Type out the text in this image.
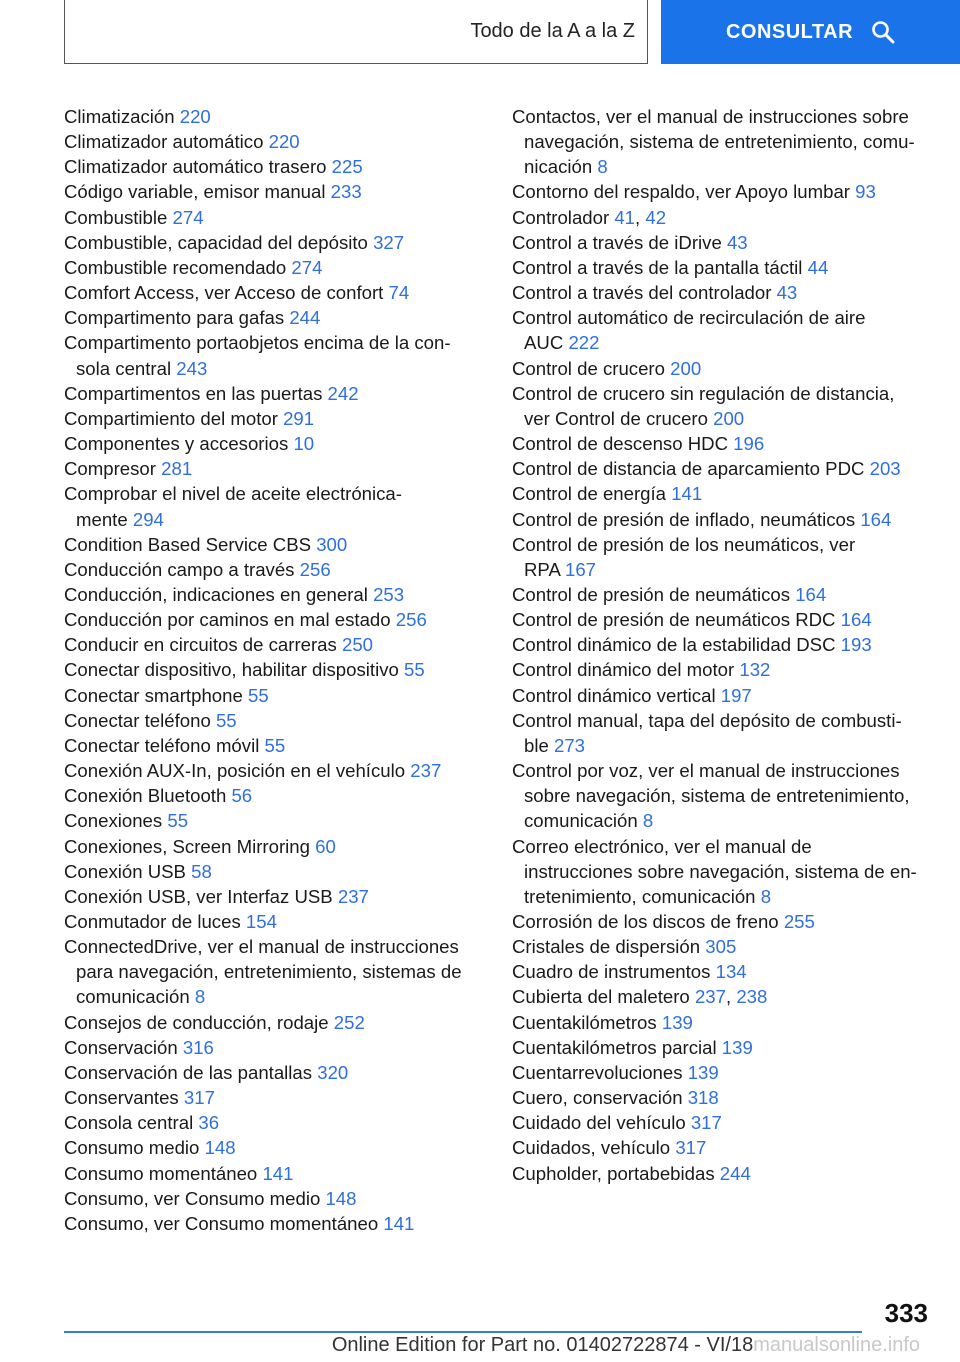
Todo de la A a la Z	CONSULTAR
Climatización 220
Climatizador automático 220
Climatizador automático trasero 225
Código variable, emisor manual 233
Combustible 274
Combustible, capacidad del depósito 327
Combustible recomendado 274
Comfort Access, ver Acceso de confort 74
Compartimento para gafas 244
Compartimento portaobjetos encima de la con-
sola central 243
Compartimentos en las puertas 242
Compartimiento del motor 291
Componentes y accesorios 10
Compresor 281
Comprobar el nivel de aceite electrónica-
mente 294
Condition Based Service CBS 300
Conducción campo a través 256
Conducción, indicaciones en general 253
Conducción por caminos en mal estado 256
Conducir en circuitos de carreras 250
Conectar dispositivo, habilitar dispositivo 55
Conectar smartphone 55
Conectar teléfono 55
Conectar teléfono móvil 55
Conexión AUX-In, posición en el vehículo 237
Conexión Bluetooth 56
Conexiones 55
Conexiones, Screen Mirroring 60
Conexión USB 58
Conexión USB, ver Interfaz USB 237
Conmutador de luces 154
ConnectedDrive, ver el manual de instrucciones
para navegación, entretenimiento, sistemas de
comunicación 8
Consejos de conducción, rodaje 252
Conservación 316
Conservación de las pantallas 320
Conservantes 317
Consola central 36
Consumo medio 148
Consumo momentáneo 141
Consumo, ver Consumo medio 148
Consumo, ver Consumo momentáneo 141
Contactos, ver el manual de instrucciones sobre
navegación, sistema de entretenimiento, comu-
nicación 8
Contorno del respaldo, ver Apoyo lumbar 93
Controlador 41, 42
Control a través de iDrive 43
Control a través de la pantalla táctil 44
Control a través del controlador 43
Control automático de recirculación de aire
AUC 222
Control de crucero 200
Control de crucero sin regulación de distancia,
ver Control de crucero 200
Control de descenso HDC 196
Control de distancia de aparcamiento PDC 203
Control de energía 141
Control de presión de inflado, neumáticos 164
Control de presión de los neumáticos, ver
RPA 167
Control de presión de neumáticos 164
Control de presión de neumáticos RDC 164
Control dinámico de la estabilidad DSC 193
Control dinámico del motor 132
Control dinámico vertical 197
Control manual, tapa del depósito de combusti-
ble 273
Control por voz, ver el manual de instrucciones
sobre navegación, sistema de entretenimiento,
comunicación 8
Correo electrónico, ver el manual de
instrucciones sobre navegación, sistema de en-
tretenimiento, comunicación 8
Corrosión de los discos de freno 255
Cristales de dispersión 305
Cuadro de instrumentos 134
Cubierta del maletero 237, 238
Cuentakilómetros 139
Cuentakilómetros parcial 139
Cuentarrevoluciones 139
Cuero, conservación 318
Cuidado del vehículo 317
Cuidados, vehículo 317
Cupholder, portabebidas 244
333
Online Edition for Part no. 01402722874 - VI/18manualsonline.info
